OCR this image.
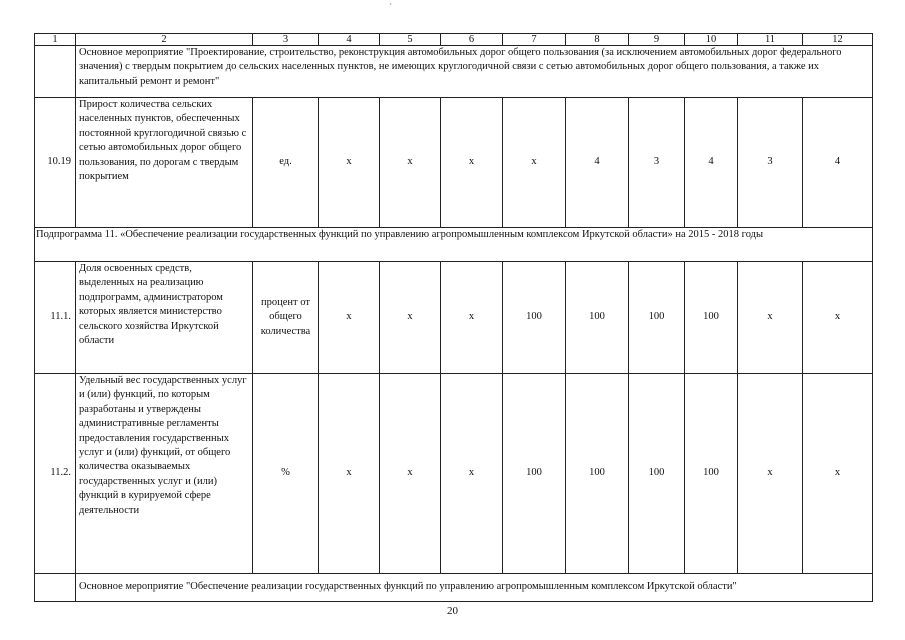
´
1	2	3	4	5	6	7	8	9	10	11	12
	Основное мероприятие "Проектирование, строительство, реконструкция автомобильных дорог общего пользования (за исключением автомобильных дорог федерального значения) с твердым покрытием до сельских населенных пунктов, не имеющих круглогодичной связи с сетью автомобильных дорог общего пользования, а также их капитальный ремонт и ремонт"										
10.19	Прирост количества сельских населенных пунктов, обеспеченных постоянной круглогодичной связью с сетью автомобильных дорог общего пользования, по дорогам с твердым покрытием	ед.	х	х	х	х	4	3	4	3	4
Подпрограмма 11. «Обеспечение реализации государственных функций по управлению агропромышленным комплексом Иркутской области» на 2015 - 2018 годы											
11.1.	Доля освоенных средств, выделенных на реализацию подпрограмм, администратором которых является министерство сельского хозяйства Иркутской области	процент от общего количества	х	х	х	100	100	100	100	х	х
11.2.	Удельный вес государственных услуг и (или) функций, по которым разработаны и утверждены административные регламенты предоставления государственных услуг и (или) функций, от общего количества оказываемых государственных услуг и (или) функций в курируемой сфере деятельности	%	х	х	х	100	100	100	100	х	х
	Основное мероприятие "Обеспечение реализации государственных функций по управлению агропромышленным комплексом Иркутской области"										
20
